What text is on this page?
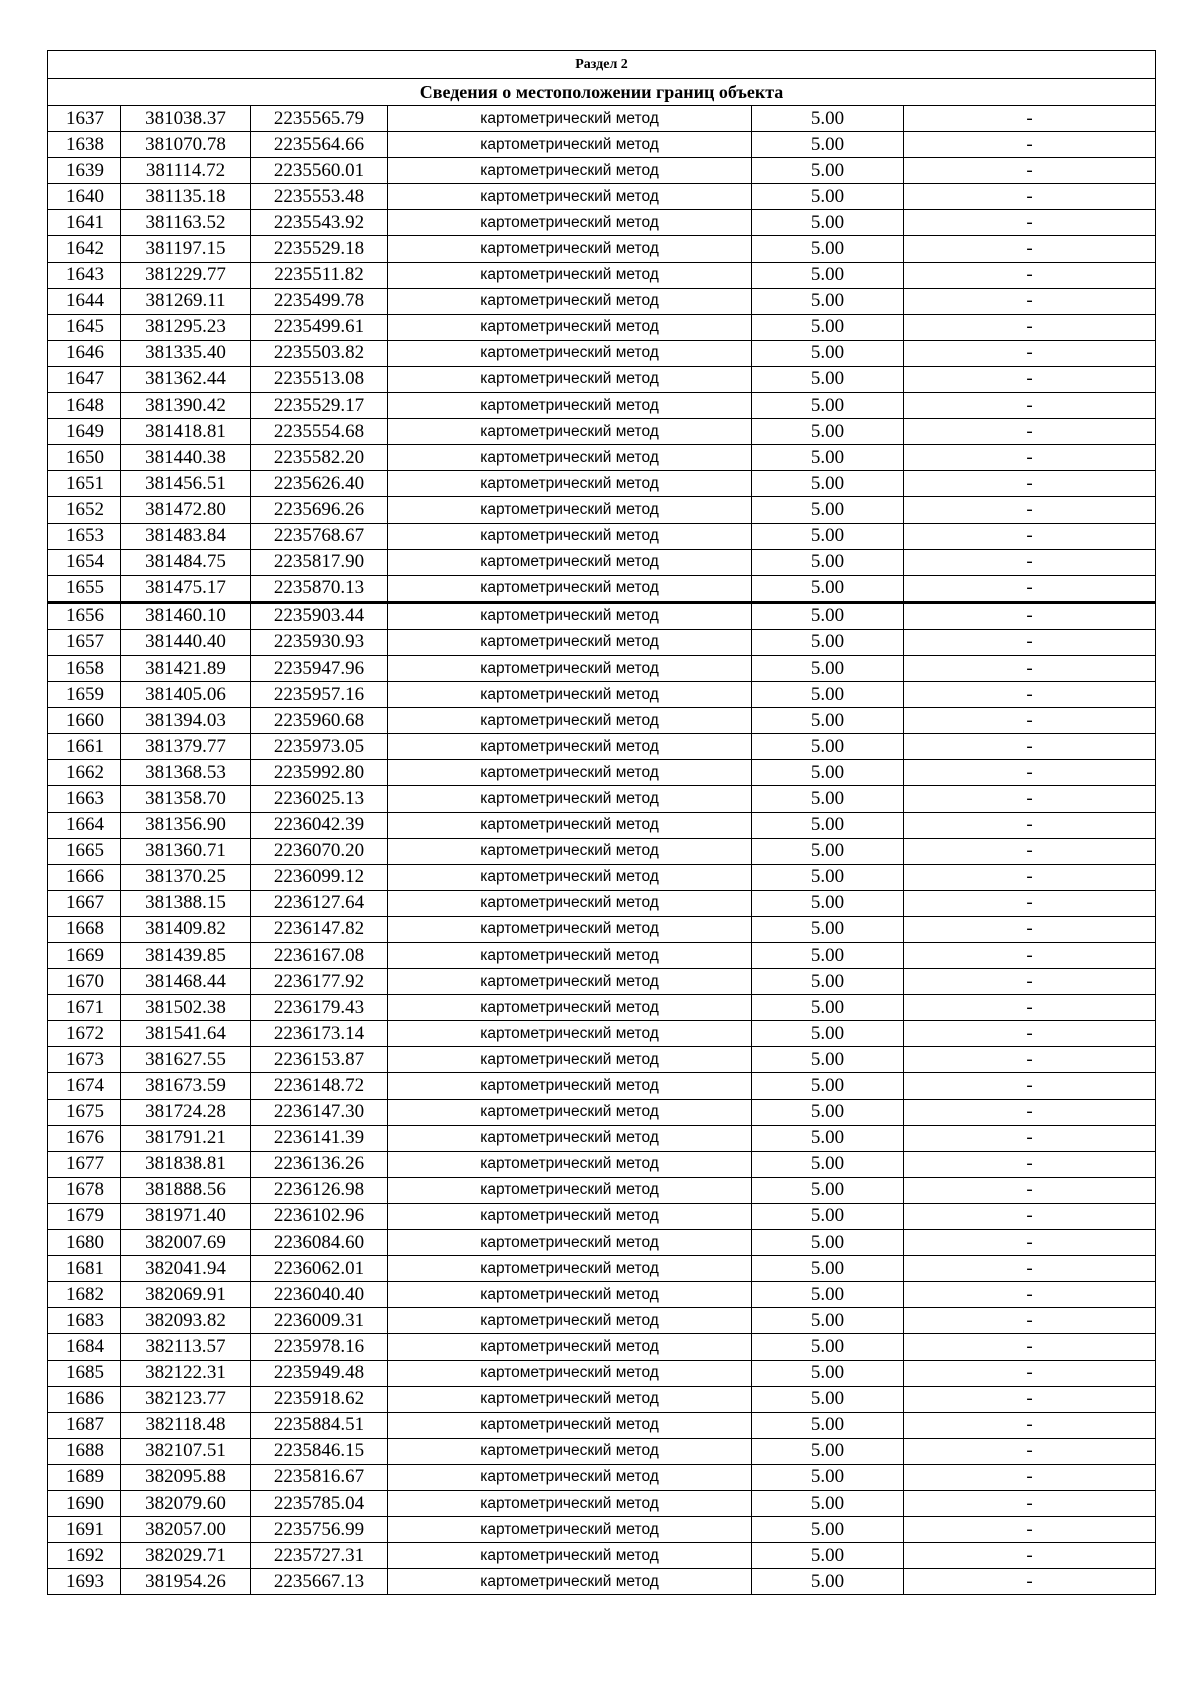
Раздел 2					
Сведения о местоположении границ объекта					
1637	381038.37	2235565.79	картометрический метод	5.00	-
1638	381070.78	2235564.66	картометрический метод	5.00	-
1639	381114.72	2235560.01	картометрический метод	5.00	-
1640	381135.18	2235553.48	картометрический метод	5.00	-
1641	381163.52	2235543.92	картометрический метод	5.00	-
1642	381197.15	2235529.18	картометрический метод	5.00	-
1643	381229.77	2235511.82	картометрический метод	5.00	-
1644	381269.11	2235499.78	картометрический метод	5.00	-
1645	381295.23	2235499.61	картометрический метод	5.00	-
1646	381335.40	2235503.82	картометрический метод	5.00	-
1647	381362.44	2235513.08	картометрический метод	5.00	-
1648	381390.42	2235529.17	картометрический метод	5.00	-
1649	381418.81	2235554.68	картометрический метод	5.00	-
1650	381440.38	2235582.20	картометрический метод	5.00	-
1651	381456.51	2235626.40	картометрический метод	5.00	-
1652	381472.80	2235696.26	картометрический метод	5.00	-
1653	381483.84	2235768.67	картометрический метод	5.00	-
1654	381484.75	2235817.90	картометрический метод	5.00	-
1655	381475.17	2235870.13	картометрический метод	5.00	-
1656	381460.10	2235903.44	картометрический метод	5.00	-
1657	381440.40	2235930.93	картометрический метод	5.00	-
1658	381421.89	2235947.96	картометрический метод	5.00	-
1659	381405.06	2235957.16	картометрический метод	5.00	-
1660	381394.03	2235960.68	картометрический метод	5.00	-
1661	381379.77	2235973.05	картометрический метод	5.00	-
1662	381368.53	2235992.80	картометрический метод	5.00	-
1663	381358.70	2236025.13	картометрический метод	5.00	-
1664	381356.90	2236042.39	картометрический метод	5.00	-
1665	381360.71	2236070.20	картометрический метод	5.00	-
1666	381370.25	2236099.12	картометрический метод	5.00	-
1667	381388.15	2236127.64	картометрический метод	5.00	-
1668	381409.82	2236147.82	картометрический метод	5.00	-
1669	381439.85	2236167.08	картометрический метод	5.00	-
1670	381468.44	2236177.92	картометрический метод	5.00	-
1671	381502.38	2236179.43	картометрический метод	5.00	-
1672	381541.64	2236173.14	картометрический метод	5.00	-
1673	381627.55	2236153.87	картометрический метод	5.00	-
1674	381673.59	2236148.72	картометрический метод	5.00	-
1675	381724.28	2236147.30	картометрический метод	5.00	-
1676	381791.21	2236141.39	картометрический метод	5.00	-
1677	381838.81	2236136.26	картометрический метод	5.00	-
1678	381888.56	2236126.98	картометрический метод	5.00	-
1679	381971.40	2236102.96	картометрический метод	5.00	-
1680	382007.69	2236084.60	картометрический метод	5.00	-
1681	382041.94	2236062.01	картометрический метод	5.00	-
1682	382069.91	2236040.40	картометрический метод	5.00	-
1683	382093.82	2236009.31	картометрический метод	5.00	-
1684	382113.57	2235978.16	картометрический метод	5.00	-
1685	382122.31	2235949.48	картометрический метод	5.00	-
1686	382123.77	2235918.62	картометрический метод	5.00	-
1687	382118.48	2235884.51	картометрический метод	5.00	-
1688	382107.51	2235846.15	картометрический метод	5.00	-
1689	382095.88	2235816.67	картометрический метод	5.00	-
1690	382079.60	2235785.04	картометрический метод	5.00	-
1691	382057.00	2235756.99	картометрический метод	5.00	-
1692	382029.71	2235727.31	картометрический метод	5.00	-
1693	381954.26	2235667.13	картометрический метод	5.00	-
